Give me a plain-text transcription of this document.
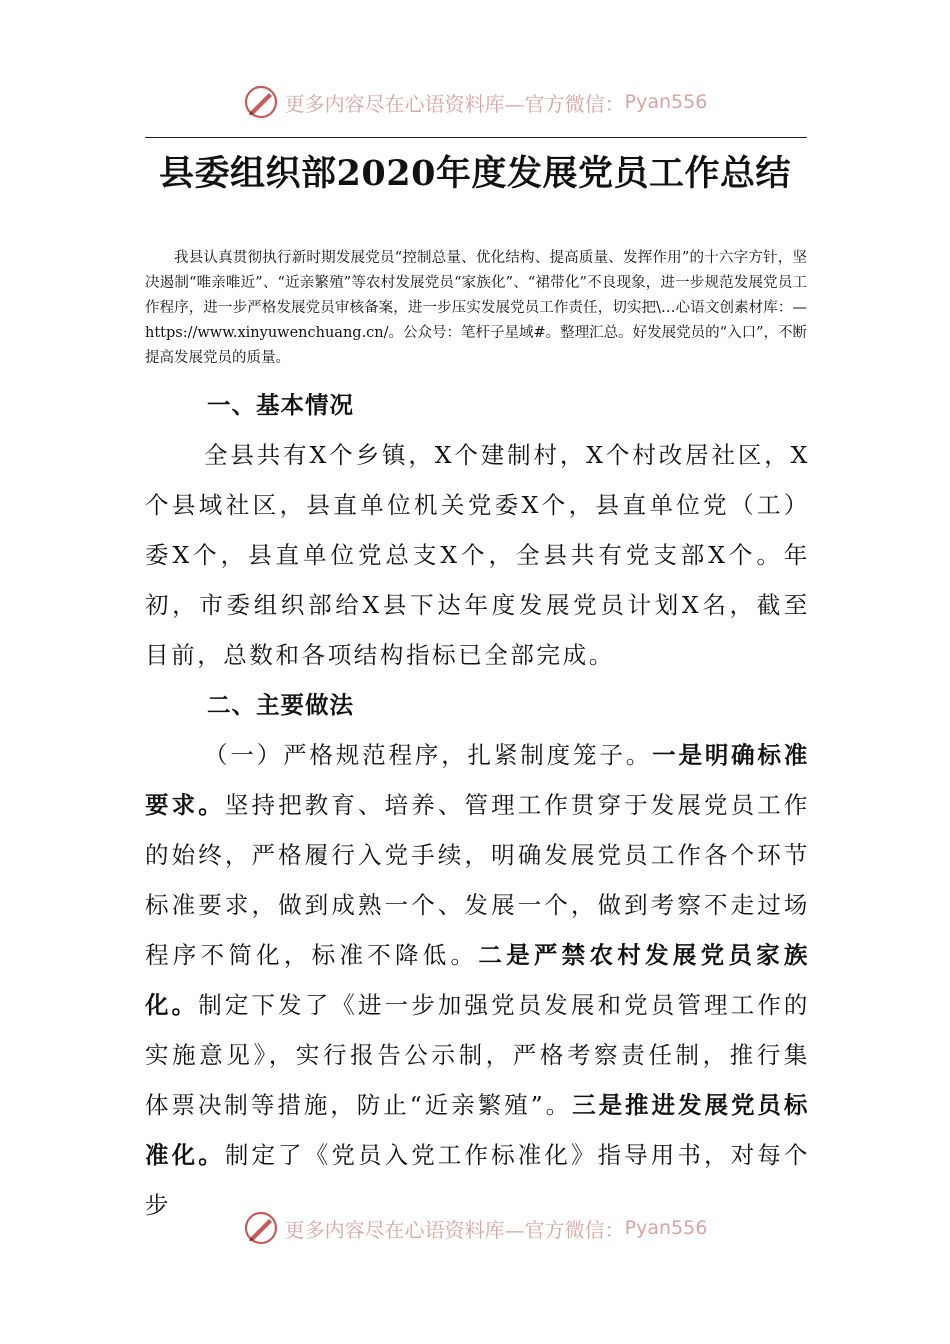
更多内容尽在心语资料库—官方微信： Pyan556
县委组织部2020年度发展党员工作总结
我县认真贯彻执行新时期发展党员“控制总量、优化结构、提高质量、发挥作用”的十六字方针，坚决遏制“唯亲唯近”、“近亲繁殖”等农村发展党员“家族化”、“裙带化”不良现象，进一步规范发展党员工作程序，进一步严格发展党员审核备案，进一步压实发展党员工作责任，切实把\…心语文创素材库：—https://www.xinyuwenchuang.cn/。公众号：笔杆子星域#。整理汇总。好发展党员的“入口”，不断提高发展党员的质量。

一、基本情况

全县共有X个乡镇，X个建制村，X个村改居社区，X个县域社区，县直单位机关党委X个，县直单位党（工）委X个，县直单位党总支X个，全县共有党支部X个。年初，市委组织部给X县下达年度发展党员计划X名，截至目前，总数和各项结构指标已全部完成。

二、主要做法

（一）严格规范程序，扎紧制度笼子。一是明确标准要求。坚持把教育、培养、管理工作贯穿于发展党员工作的始终，严格履行入党手续，明确发展党员工作各个环节标准要求，做到成熟一个、发展一个，做到考察不走过场程序不简化，标准不降低。二是严禁农村发展党员家族化。制定下发了《进一步加强党员发展和党员管理工作的实施意见》，实行报告公示制，严格考察责任制，推行集体票决制等措施，防止“近亲繁殖”。三是推进发展党员标准化。制定了《党员入党工作标准化》指导用书，对每个步

更多内容尽在心语资料库—官方微信： Pyan556
